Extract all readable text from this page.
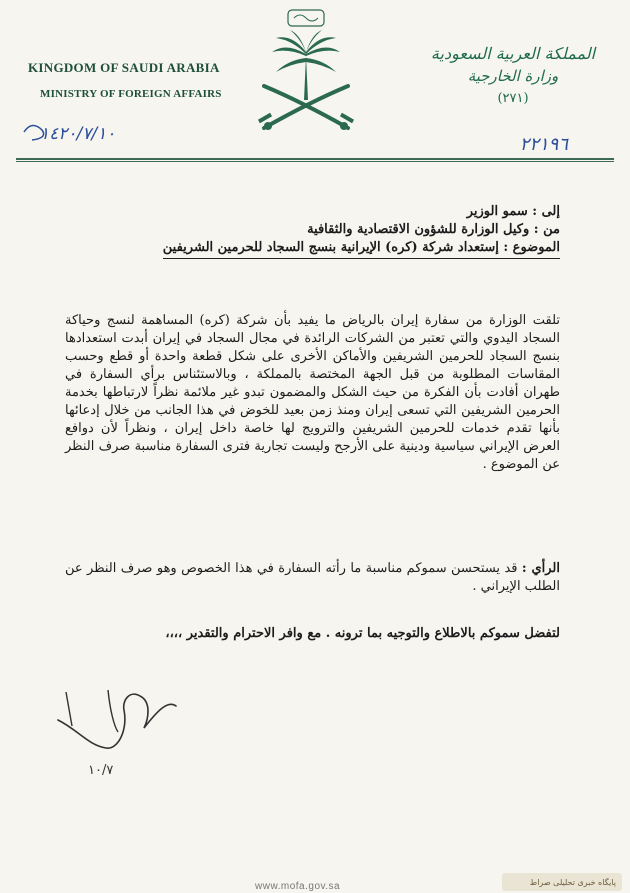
KINGDOM OF SAUDI ARABIA
MINISTRY OF FOREIGN AFFAIRS
المملكة العربية السعودية
وزارة الخارجية
(٢٧١)
١٤٢٠/٧/١٠	٢٢١٩٦
إلى : سمو الوزير
من : وكيل الوزارة للشؤون الاقتصادية والثقافية
الموضوع : إستعداد شركة (كره) الإيرانية بنسج السجاد للحرمين الشريفين
تلقت الوزارة من سفارة إيران بالرياض ما يفيد بأن شركة (كره) المساهمة لنسج وحياكة السجاد اليدوي والتي تعتبر من الشركات الرائدة في مجال السجاد في إيران أبدت استعدادها بنسج السجاد للحرمين الشريفين والأماكن الأخرى على شكل قطعة واحدة أو قطع وحسب المقاسات المطلوبة من قبل الجهة المختصة بالمملكة ، وبالاستئناس برأي السفارة في طهران أفادت بأن الفكرة من حيث الشكل والمضمون تبدو غير ملائمة نظراً لارتباطها بخدمة الحرمين الشريفين التي تسعى إيران ومنذ زمن بعيد للخوض في هذا الجانب من خلال إدعائها بأنها تقدم خدمات للحرمين الشريفين والترويج لها خاصة داخل إيران ، ونظراً لأن دوافع العرض الإيراني سياسية ودينية على الأرجح وليست تجارية فترى السفارة مناسبة صرف النظر عن الموضوع .
الرأي : قد يستحسن سموكم مناسبة ما رأته السفارة في هذا الخصوص وهو صرف النظر عن الطلب الإيراني .
لتفضل سموكم بالاطلاع والتوجيه بما ترونه . مع وافر الاحترام والتقدير ،،،،
١٠/٧
www.mofa.gov.sa	پایگاه خبری تحلیلی صراط
